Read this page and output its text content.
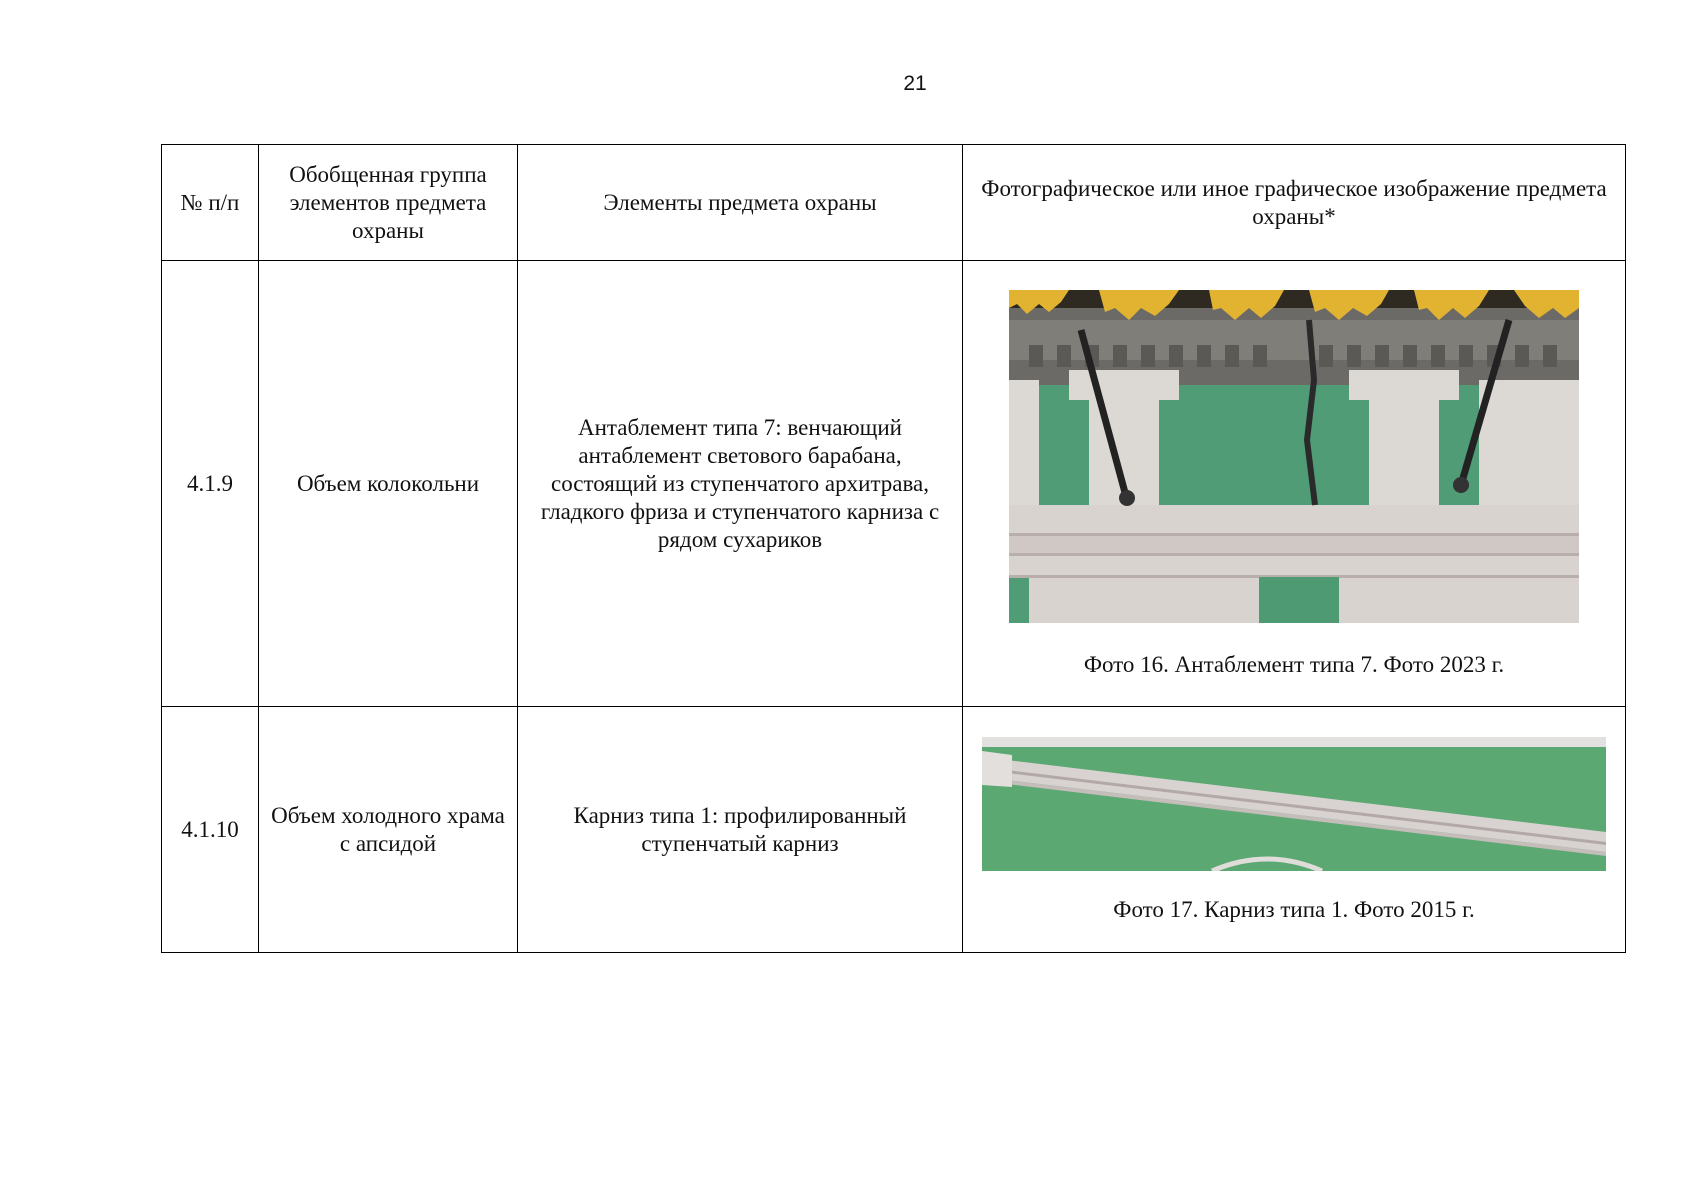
21
№ п/п	Обобщенная группа элементов предмета охраны	Элементы предмета охраны	Фотографическое или иное графическое изображение предмета охраны*
4.1.9	Объем колокольни	Антаблемент типа 7: венчающий антаблемент светового барабана, состоящий из ступенчатого архитрава, гладкого фриза и ступенчатого карниза с рядом сухариков	Фото 16. Антаблемент типа 7. Фото 2023 г.

4.1.10	Объем холодного храма с апсидой	Карниз типа 1: профилированный ступенчатый карниз	Фото 17. Карниз типа 1. Фото 2015 г.
